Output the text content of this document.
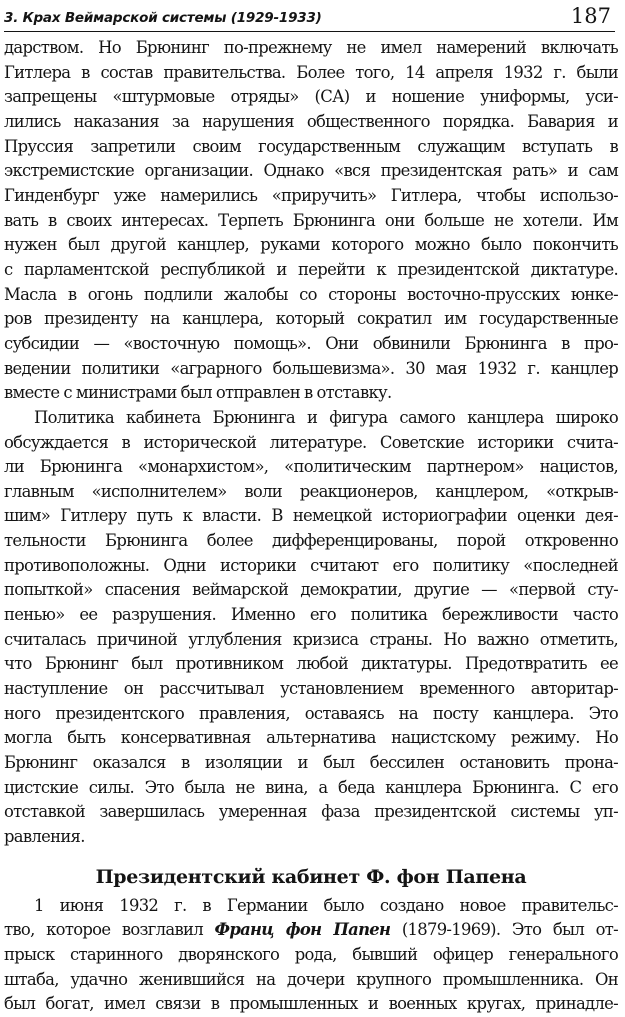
3. Крах Веймарской системы (1929-1933)	187

дарством. Но Брюнинг по-прежнему не имел намерений включать
Гитлера в состав правительства. Более того, 14 апреля 1932 г. были
запрещены «штурмовые отряды» (СА) и ношение униформы, уси-
лились наказания за нарушения общественного порядка. Бавария и
Пруссия запретили своим государственным служащим вступать в
экстремистские организации. Однако «вся президентская рать» и сам
Гинденбург уже намерились «приручить» Гитлера, чтобы использо-
вать в своих интересах. Терпеть Брюнинга они больше не хотели. Им
нужен был другой канцлер, руками которого можно было покончить
с парламентской республикой и перейти к президентской диктатуре.
Масла в огонь подлили жалобы со стороны восточно-прусских юнке-
ров президенту на канцлера, который сократил им государственные
субсидии — «восточную помощь». Они обвинили Брюнинга в про-
ведении политики «аграрного большевизма». 30 мая 1932 г. канцлер
вместе с министрами был отправлен в отставку.

Политика кабинета Брюнинга и фигура самого канцлера широко
обсуждается в исторической литературе. Советские историки счита-
ли Брюнинга «монархистом», «политическим партнером» нацистов,
главным «исполнителем» воли реакционеров, канцлером, «открыв-
шим» Гитлеру путь к власти. В немецкой историографии оценки дея-
тельности Брюнинга более дифференцированы, порой откровенно
противоположны. Одни историки считают его политику «последней
попыткой» спасения веймарской демократии, другие — «первой сту-
пенью» ее разрушения. Именно его политика бережливости часто
считалась причиной углубления кризиса страны. Но важно отметить,
что Брюнинг был противником любой диктатуры. Предотвратить ее
наступление он рассчитывал установлением временного авторитар-
ного президентского правления, оставаясь на посту канцлера. Это
могла быть консервативная альтернатива нацистскому режиму. Но
Брюнинг оказался в изоляции и был бессилен остановить прона-
цистские силы. Это была не вина, а беда канцлера Брюнинга. С его
отставкой завершилась умеренная фаза президентской системы уп-
равления.

Президентский кабинет Ф. фон Папена

1 июня 1932 г. в Германии было создано новое правительс-
тво, которое возглавил Франц фон Папен (1879-1969). Это был от-
прыск старинного дворянского рода, бывший офицер генерального
штаба, удачно женившийся на дочери крупного промышленника. Он
был богат, имел связи в промышленных и военных кругах, принадле-
